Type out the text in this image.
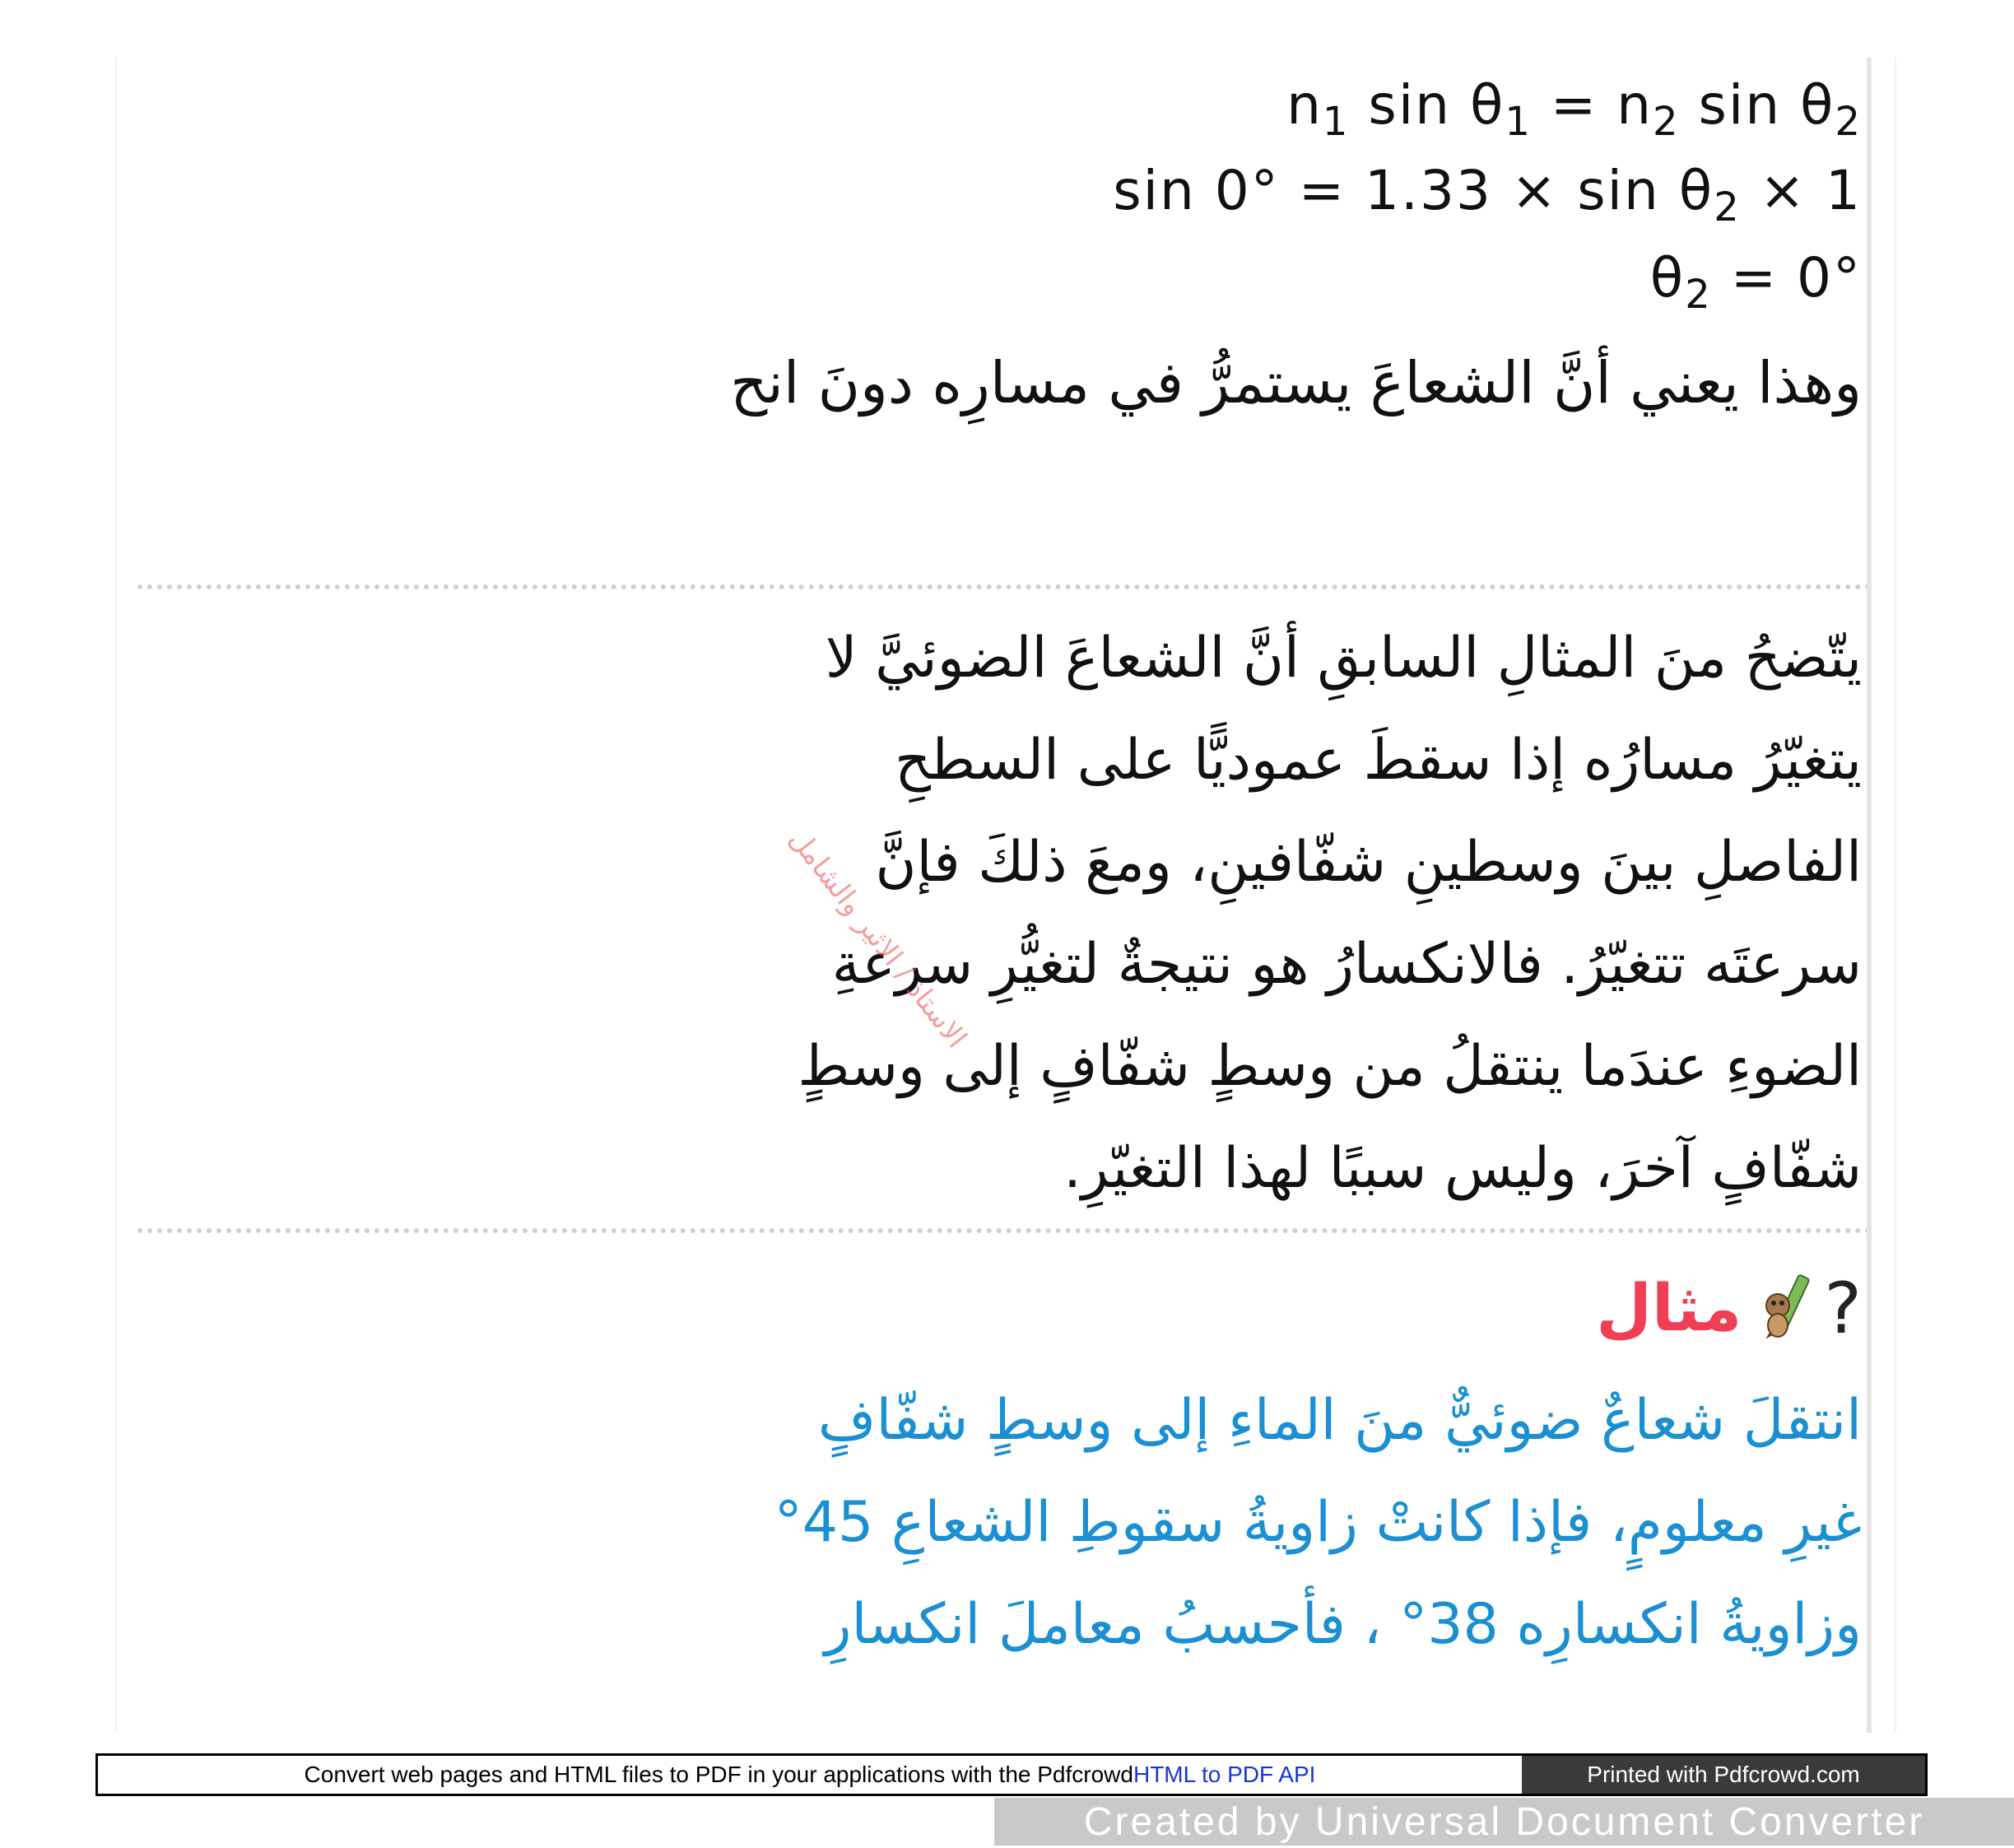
$n_1$ $\sin \theta_1 = n_2$ $\sin \theta_2$
$\sin 0^\circ = 1.33 \times \sin \theta_2 \times 1$
$\theta_2 = 0^\circ$
وهذا يعني أنَّ الشعاعَ يستمرُّ في مسارِه دونَ انح
يتّضحُ منَ المثالِ السابقِ أنَّ الشعاعَ الضوئيَّ لا
يتغيّرُ مسارُه إذا سقطَ عموديًّا على السطحِ
الفاصلِ بينَ وسطينِ شفّافينِ، ومعَ ذلكَ فإنَّ
سرعتَه تتغيّرُ. فالانكسارُ هو نتيجةٌ لتغيُّرِ سرعةِ
الضوءِ عندَما ينتقلُ من وسطٍ شفّافٍ إلى وسطٍ
شفّافٍ آخرَ، وليس سببًا لهذا التغيّرِ.
الاستاذ / الاثير والشامل
?
مثال
انتقلَ شعاعٌ ضوئيٌّ منَ الماءِ إلى وسطٍ شفّافٍ
غيرِ معلومٍ، فإذا كانتْ زاويةُ سقوطِ الشعاعِ 45°
وزاويةُ انكسارِه 38° ، فأحسبُ معاملَ انكسارِ
Convert web pages and HTML files to PDF in your applications with the Pdfcrowd HTML to PDF API	Printed with Pdfcrowd.com
Created by Universal Document Converter
